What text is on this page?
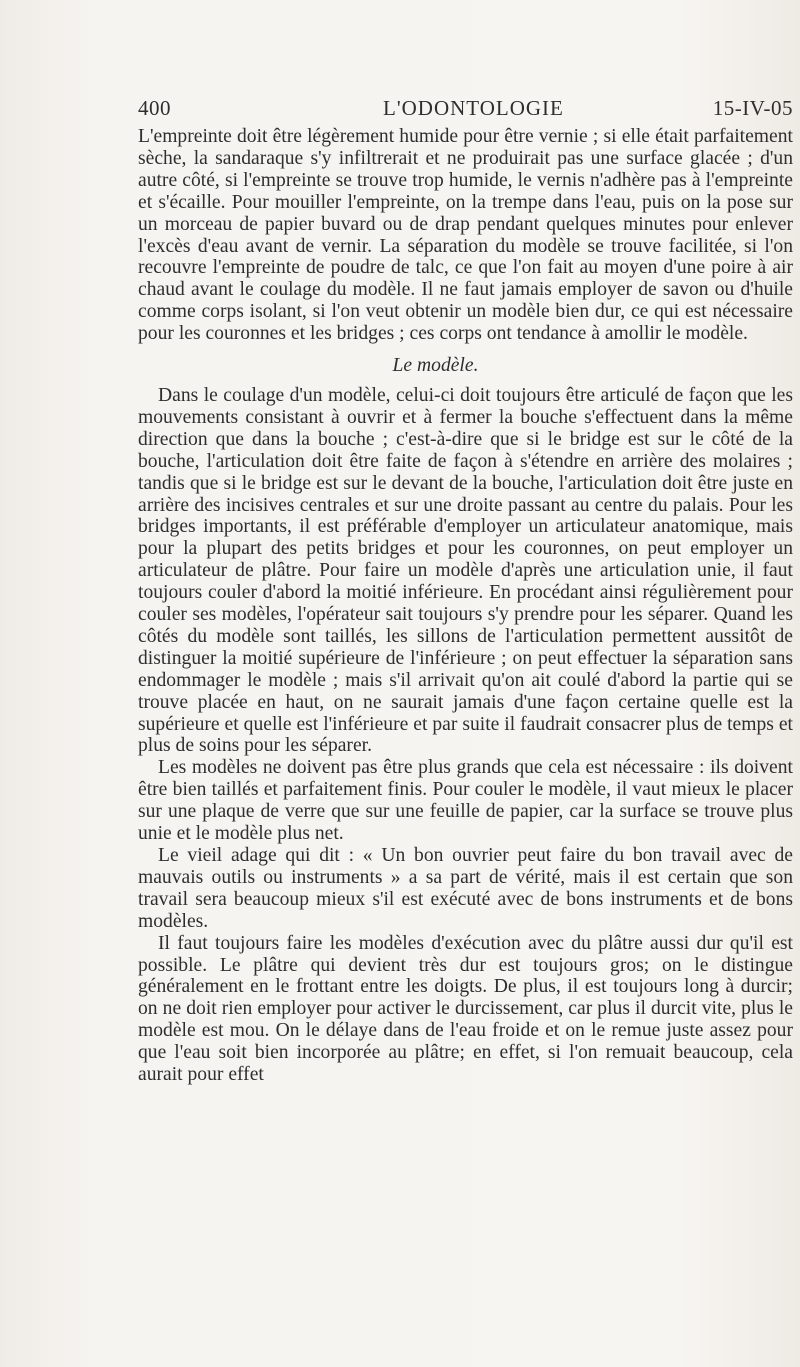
400	L'ODONTOLOGIE	15-IV-05

L'empreinte doit être légèrement humide pour être vernie ; si elle était parfaitement sèche, la sandaraque s'y infiltrerait et ne produirait pas une surface glacée ; d'un autre côté, si l'empreinte se trouve trop humide, le vernis n'adhère pas à l'empreinte et s'écaille. Pour mouiller l'empreinte, on la trempe dans l'eau, puis on la pose sur un morceau de papier buvard ou de drap pendant quelques minutes pour enlever l'excès d'eau avant de vernir. La séparation du modèle se trouve facilitée, si l'on recouvre l'empreinte de poudre de talc, ce que l'on fait au moyen d'une poire à air chaud avant le coulage du modèle. Il ne faut jamais employer de savon ou d'huile comme corps isolant, si l'on veut obtenir un modèle bien dur, ce qui est nécessaire pour les couronnes et les bridges ; ces corps ont tendance à amollir le modèle.

Le modèle.

Dans le coulage d'un modèle, celui-ci doit toujours être articulé de façon que les mouvements consistant à ouvrir et à fermer la bouche s'effectuent dans la même direction que dans la bouche ; c'est-à-dire que si le bridge est sur le côté de la bouche, l'articulation doit être faite de façon à s'étendre en arrière des molaires ; tandis que si le bridge est sur le devant de la bouche, l'articulation doit être juste en arrière des incisives centrales et sur une droite passant au centre du palais. Pour les bridges importants, il est préférable d'employer un articulateur anatomique, mais pour la plupart des petits bridges et pour les couronnes, on peut employer un articulateur de plâtre. Pour faire un modèle d'après une articulation unie, il faut toujours couler d'abord la moitié inférieure. En procédant ainsi régulièrement pour couler ses modèles, l'opérateur sait toujours s'y prendre pour les séparer. Quand les côtés du modèle sont taillés, les sillons de l'articulation permettent aussitôt de distinguer la moitié supérieure de l'inférieure ; on peut effectuer la séparation sans endommager le modèle ; mais s'il arrivait qu'on ait coulé d'abord la partie qui se trouve placée en haut, on ne saurait jamais d'une façon certaine quelle est la supérieure et quelle est l'inférieure et par suite il faudrait consacrer plus de temps et plus de soins pour les séparer.

Les modèles ne doivent pas être plus grands que cela est nécessaire : ils doivent être bien taillés et parfaitement finis. Pour couler le modèle, il vaut mieux le placer sur une plaque de verre que sur une feuille de papier, car la surface se trouve plus unie et le modèle plus net.

Le vieil adage qui dit : « Un bon ouvrier peut faire du bon travail avec de mauvais outils ou instruments » a sa part de vérité, mais il est certain que son travail sera beaucoup mieux s'il est exécuté avec de bons instruments et de bons modèles.

Il faut toujours faire les modèles d'exécution avec du plâtre aussi dur qu'il est possible. Le plâtre qui devient très dur est toujours gros; on le distingue généralement en le frottant entre les doigts. De plus, il est toujours long à durcir; on ne doit rien employer pour activer le durcissement, car plus il durcit vite, plus le modèle est mou. On le délaye dans de l'eau froide et on le remue juste assez pour que l'eau soit bien incorporée au plâtre; en effet, si l'on remuait beaucoup, cela aurait pour effet
